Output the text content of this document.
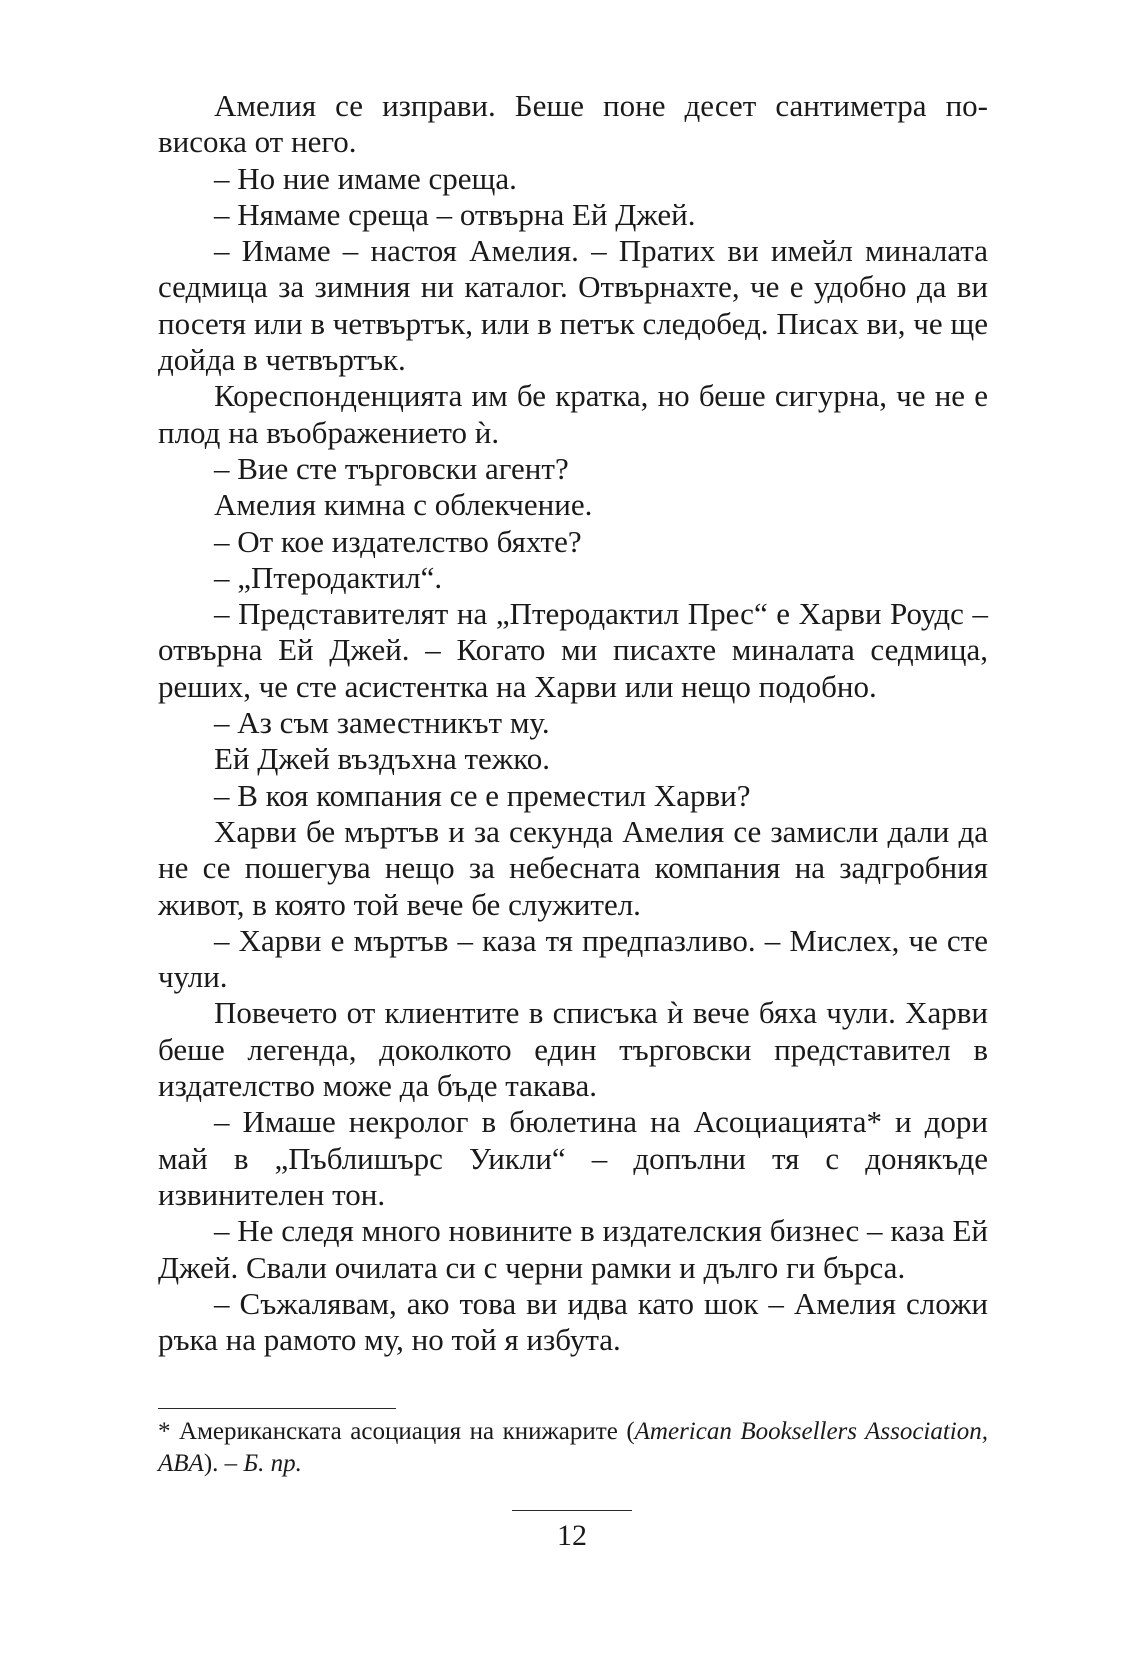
Амелия се изправи. Беше поне десет сантиметра по-висока от него.

– Но ние имаме среща.

– Нямаме среща – отвърна Ей Джей.

– Имаме – настоя Амелия. – Пратих ви имейл миналата седмица за зимния ни каталог. Отвърнахте, че е удобно да ви посетя или в четвъртък, или в петък следобед. Писах ви, че ще дойда в четвъртък.

Кореспонденцията им бе кратка, но беше сигурна, че не е плод на въображението ѝ.

– Вие сте търговски агент?

Амелия кимна с облекчение.

– От кое издателство бяхте?

– „Птеродактил“.

– Представителят на „Птеродактил Прес“ е Харви Роудс – отвърна Ей Джей. – Когато ми писахте миналата седмица, реших, че сте асистентка на Харви или нещо подобно.

– Аз съм заместникът му.

Ей Джей въздъхна тежко.

– В коя компания се е преместил Харви?

Харви бе мъртъв и за секунда Амелия се замисли дали да не се пошегува нещо за небесната компания на задгробния живот, в която той вече бе служител.

– Харви е мъртъв – каза тя предпазливо. – Мислех, че сте чули.

Повечето от клиентите в списъка ѝ вече бяха чули. Харви беше легенда, доколкото един търговски представител в издателство може да бъде такава.

– Имаше некролог в бюлетина на Асоциацията* и дори май в „Пъблишърс Уикли“ – допълни тя с донякъде извинителен тон.

– Не следя много новините в издателския бизнес – каза Ей Джей. Свали очилата си с черни рамки и дълго ги бърса.

– Съжалявам, ако това ви идва като шок – Амелия сложи ръка на рамото му, но той я избута.

* Американската асоциация на книжарите (American Booksellers Association, ABA). – Б. пр.

12
